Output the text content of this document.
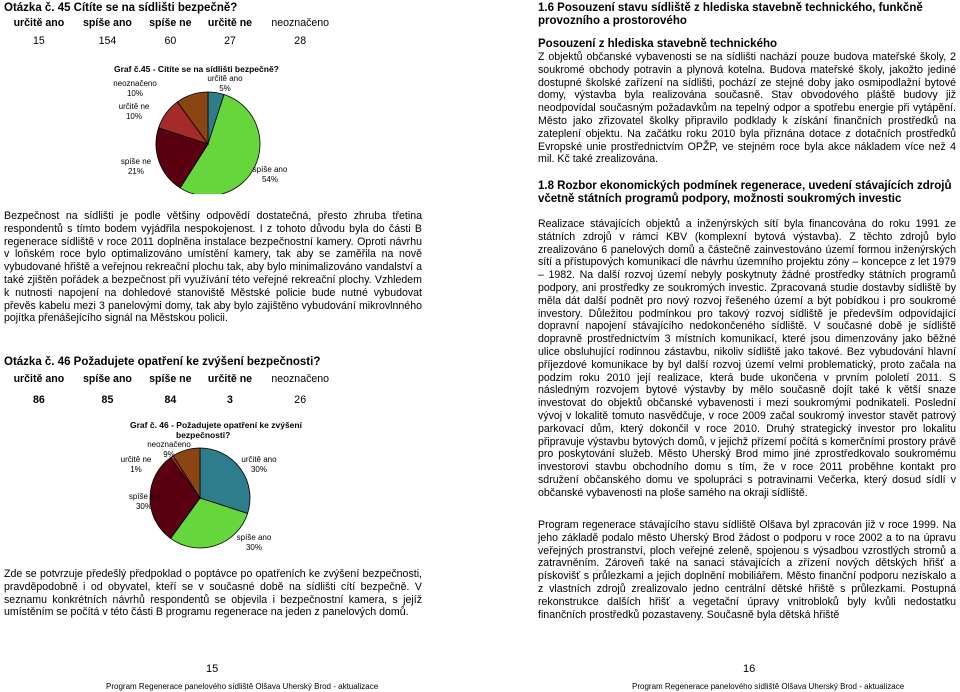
Otázka č. 45 Cítíte se na sídlišti bezpečně?
určitě ano	spíše ano	spíše ne	určitě ne	neoznačeno
15	154	60	27	28
Graf č.45 - Cítíte se na sídlišti bezpečně?
neoznačeno
10%
určitě ne
10%
určitě ano
5%
spíše ne
21%	spíše ano
54%
Bezpečnost na sídlišti je podle většiny odpovědí dostatečná, přesto zhruba třetina respondentů s tímto bodem vyjádřila nespokojenost. I z tohoto důvodu byla do části B regenerace sídliště v roce 2011 doplněna instalace bezpečnostní kamery. Oproti návrhu v loňském roce bylo optimalizováno umístění kamery, tak aby se zaměřila na nově vybudované hřiště a veřejnou rekreační plochu tak, aby bylo minimalizováno vandalství a také zjištěn pořádek a bezpečnost při využívání této veřejné rekreační plochy. Vzhledem k nutnosti napojení na dohledové stanoviště Městské policie bude nutné vybudovat převěs kabelu mezi 3 panelovými domy, tak aby bylo zajištěno vybudování mikrovlnného pojítka přenášejícího signál na Městskou policii.
Otázka č. 46 Požadujete opatření ke zvýšení bezpečnosti?
určitě ano	spíše ano	spíše ne	určitě ne	neoznačeno
86	85	84	3	26
Graf č. 46 - Požadujete opatření ke zvýšení
bezpečnosti?
neoznačeno
9%
určitě ne
1%
určitě ano
30%
spíše ne
30%
spíše ano
30%
Zde se potvrzuje předešlý předpoklad o poptávce po opatřeních ke zvýšení bezpečnosti, pravděpodobně i od obyvatel, kteří se v současné době na sídlišti cítí bezpečně. V seznamu konkrétních návrhů respondentů se objevila i bezpečnostní kamera, s jejíž umístěním se počítá v této části B programu regenerace na jeden z panelových domů.
15
Program Regenerace panelového sídliště Olšava Uherský Brod - aktualizace
1.6 Posouzení stavu sídliště z hlediska stavebně technického, funkčně provozního a prostorového
Posouzení z hlediska stavebně technického
Z objektů občanské vybavenosti se na sídlišti nachází pouze budova mateřské školy, 2 soukromé obchody potravin a plynová kotelna. Budova mateřské školy, jakožto jediné dostupné školské zařízení na sídlišti, pochází ze stejné doby jako osmipodlažní bytové domy, výstavba byla realizována současně. Stav obvodového pláště budovy již neodpovídal současným požadavkům na tepelný odpor a spotřebu energie při vytápění. Město jako zřizovatel školky připravilo podklady k získání finančních prostředků na zateplení objektu. Na začátku roku 2010 byla přiznána dotace z dotačních prostředků Evropské unie prostřednictvím OPŽP, ve stejném roce byla akce nákladem více než 4 mil. Kč také zrealizována.
1.8 Rozbor ekonomických podmínek regenerace, uvedení stávajících zdrojů včetně státních programů podpory, možnosti soukromých investic
Realizace stávajících objektů a inženýrských sítí byla financována do roku 1991 ze státních zdrojů v rámci KBV (komplexní bytová výstavba). Z těchto zdrojů bylo zrealizováno 6 panelových domů a částečně zainvestováno území formou inženýrských sítí a přístupových komunikací dle návrhu územního projektu zóny – koncepce z let 1979 – 1982. Na další rozvoj území nebyly poskytnuty žádné prostředky státních programů podpory, ani prostředky ze soukromých investic. Zpracovaná studie dostavby sídliště by měla dát další podnět pro nový rozvoj řešeného území a být pobídkou i pro soukromé investory. Důležitou podmínkou pro takový rozvoj sídliště je především odpovídající dopravní napojení stávajícího nedokončeného sídliště. V současné době je sídliště dopravně prostřednictvím 3 místních komunikací, které jsou dimenzovány jako běžné ulice obsluhující rodinnou zástavbu, nikoliv sídliště jako takové. Bez vybudování hlavní příjezdové komunikace by byl další rozvoj území velmi problematický, proto začala na podzim roku 2010 její realizace, která bude ukončena v prvním pololetí 2011. S následným rozvojem bytové výstavby by mělo současně dojít také k větší snaze investovat do objektů občanské vybavenosti i mezi soukromými podnikateli. Poslední vývoj v lokalitě tomuto nasvědčuje, v roce 2009 začal soukromý investor stavět patrový parkovací dům, který dokončil v roce 2010. Druhý strategický investor pro lokalitu připravuje výstavbu bytových domů, v jejichž přízemí počítá s komerčními prostory právě pro poskytování služeb. Město Uherský Brod mimo jiné zprostředkovalo soukromému investorovi stavbu obchodního domu s tím, že v roce 2011 proběhne kontakt pro sdružení občanského domu ve spolupráci s potravinami Večerka, který dosud sídlí v občanské vybavenosti na ploše samého na okraji sídliště.
Program regenerace stávajícího stavu sídliště Olšava byl zpracován již v roce 1999. Na jeho základě podalo město Uherský Brod žádost o podporu v roce 2002 a to na úpravu veřejných prostranství, ploch veřejné zeleně, spojenou s výsadbou vzrostlých stromů a zatravněním. Zároveň také na sanaci stávajících a zřízení nových dětských hřišť a pískovišť s průlezkami a jejich doplnění mobiliářem. Město finanční podporu nezískalo a z vlastních zdrojů zrealizovalo jedno centrální dětské hřiště s průlezkami. Postupná rekonstrukce dalších hřišť a vegetační úpravy vnitrobloků byly kvůli nedostatku finančních prostředků pozastaveny. Současně byla dětská hřiště
16
Program Regenerace panelového sídliště Olšava Uherský Brod - aktualizace
